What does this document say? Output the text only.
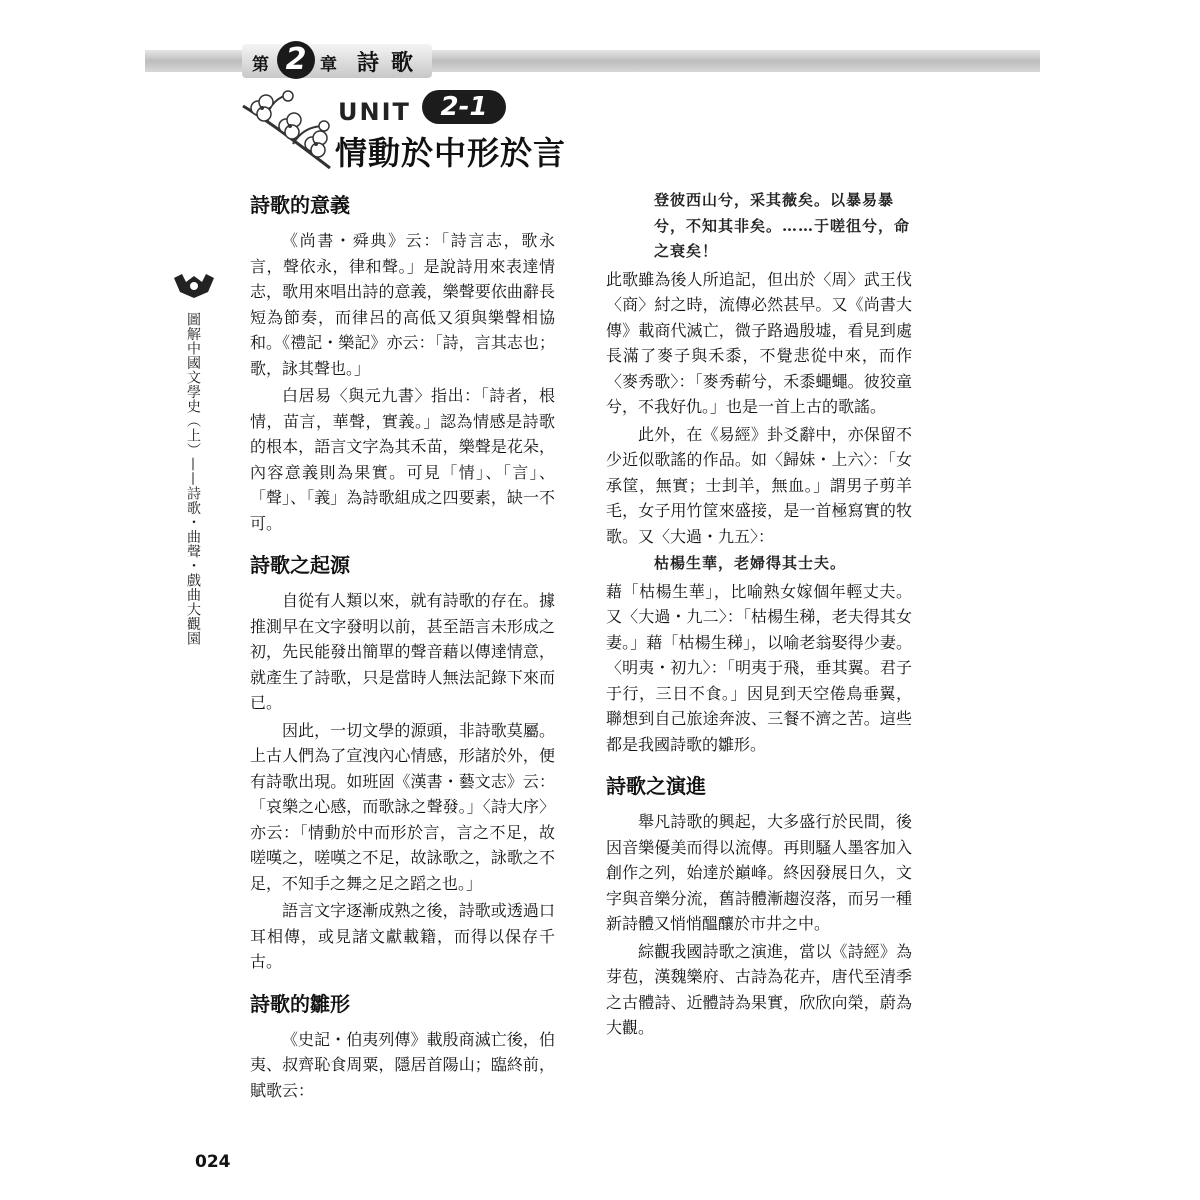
第 2 章 詩歌
UNIT	2-1
情動於中形於言
圖解中國文學史（上）——詩歌・曲聲・戲曲大觀園
詩歌的意義

《尚書・舜典》云：「詩言志，歌永言，聲依永，律和聲。」是說詩用來表達情志，歌用來唱出詩的意義，樂聲要依曲辭長短為節奏，而律呂的高低又須與樂聲相協和。《禮記・樂記》亦云：「詩，言其志也；歌，詠其聲也。」

白居易〈與元九書〉指出：「詩者，根情，苗言，華聲，實義。」認為情感是詩歌的根本，語言文字為其禾苗，樂聲是花朵，內容意義則為果實。可見「情」、「言」、「聲」、「義」為詩歌組成之四要素，缺一不可。

詩歌之起源

自從有人類以來，就有詩歌的存在。據推測早在文字發明以前，甚至語言未形成之初，先民能發出簡單的聲音藉以傳達情意，就產生了詩歌，只是當時人無法記錄下來而已。

因此，一切文學的源頭，非詩歌莫屬。上古人們為了宣洩內心情感，形諸於外，便有詩歌出現。如班固《漢書・藝文志》云：「哀樂之心感，而歌詠之聲發。」〈詩大序〉亦云：「情動於中而形於言，言之不足，故嗟嘆之，嗟嘆之不足，故詠歌之，詠歌之不足，不知手之舞之足之蹈之也。」

語言文字逐漸成熟之後，詩歌或透過口耳相傳，或見諸文獻載籍，而得以保存千古。

詩歌的雛形

《史記・伯夷列傳》載殷商滅亡後，伯夷、叔齊恥食周粟，隱居首陽山；臨終前，賦歌云：

登彼西山兮，采其薇矣。以暴易暴兮，不知其非矣。……于嗟徂兮，命之衰矣！

此歌雖為後人所追記，但出於〈周〉武王伐〈商〉紂之時，流傳必然甚早。又《尚書大傳》載商代滅亡，微子路過殷墟，看見到處長滿了麥子與禾黍，不覺悲從中來，而作〈麥秀歌〉：「麥秀蔪兮，禾黍蠅蠅。彼狡童兮，不我好仇。」也是一首上古的歌謠。

此外，在《易經》卦爻辭中，亦保留不少近似歌謠的作品。如〈歸妹・上六〉：「女承筐，無實；士刲羊，無血。」謂男子剪羊毛，女子用竹筐來盛接，是一首極寫實的牧歌。又〈大過・九五〉：

枯楊生華，老婦得其士夫。

藉「枯楊生華」，比喻熟女嫁個年輕丈夫。又〈大過・九二〉：「枯楊生稊，老夫得其女妻。」藉「枯楊生稊」，以喻老翁娶得少妻。〈明夷・初九〉：「明夷于飛，垂其翼。君子于行，三日不食。」因見到天空倦鳥垂翼，聯想到自己旅途奔波、三餐不濟之苦。這些都是我國詩歌的雛形。

詩歌之演進

舉凡詩歌的興起，大多盛行於民間，後因音樂優美而得以流傳。再則騷人墨客加入創作之列，始達於巔峰。終因發展日久，文字與音樂分流，舊詩體漸趨沒落，而另一種新詩體又悄悄醞釀於市井之中。

綜觀我國詩歌之演進，當以《詩經》為芽苞，漢魏樂府、古詩為花卉，唐代至清季之古體詩、近體詩為果實，欣欣向榮，蔚為大觀。

024
